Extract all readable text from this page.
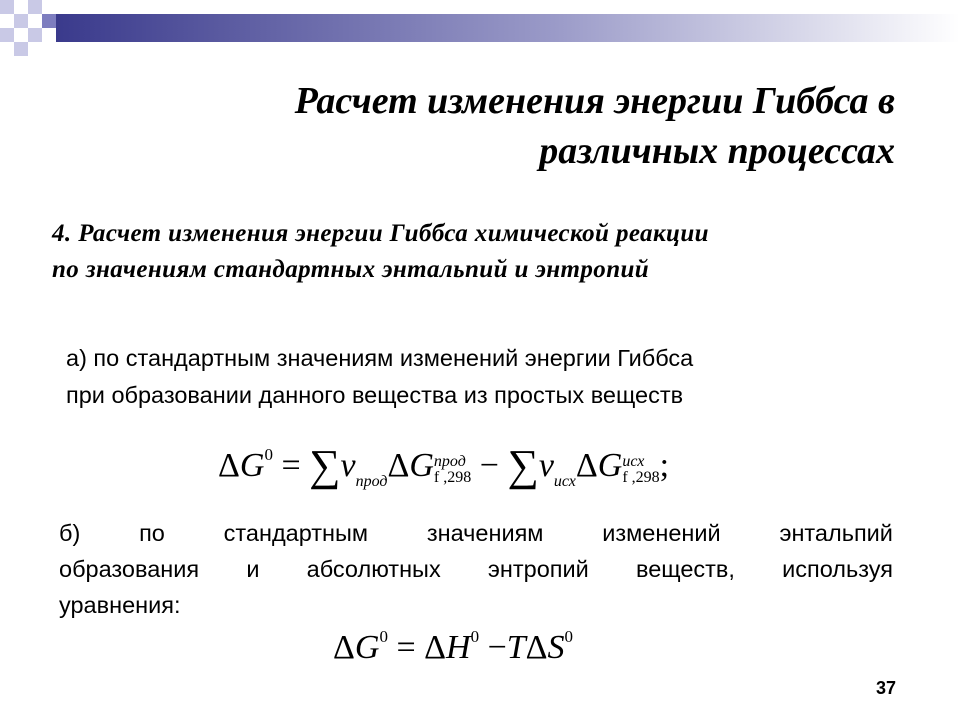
Расчет изменения энергии Гиббса в
различных процессах
4. Расчет изменения энергии Гиббса химической реакции
по значениям стандартных энтальпий и энтропий
а) по стандартным значениям изменений энергии Гиббса
при образовании данного вещества из простых веществ
$\Delta G^0 = \sum\nu_{прод}\Delta G$ прод
f $,298 - \sum\nu_{исх}\Delta G$ исх
f ,298 ;
б)	по	стандартным	значениям	изменений	энтальпий
образования и абсолютных энтропий веществ, используя
уравнения:
$\Delta G^0 = \Delta H^0 -T\Delta S^0$
37
